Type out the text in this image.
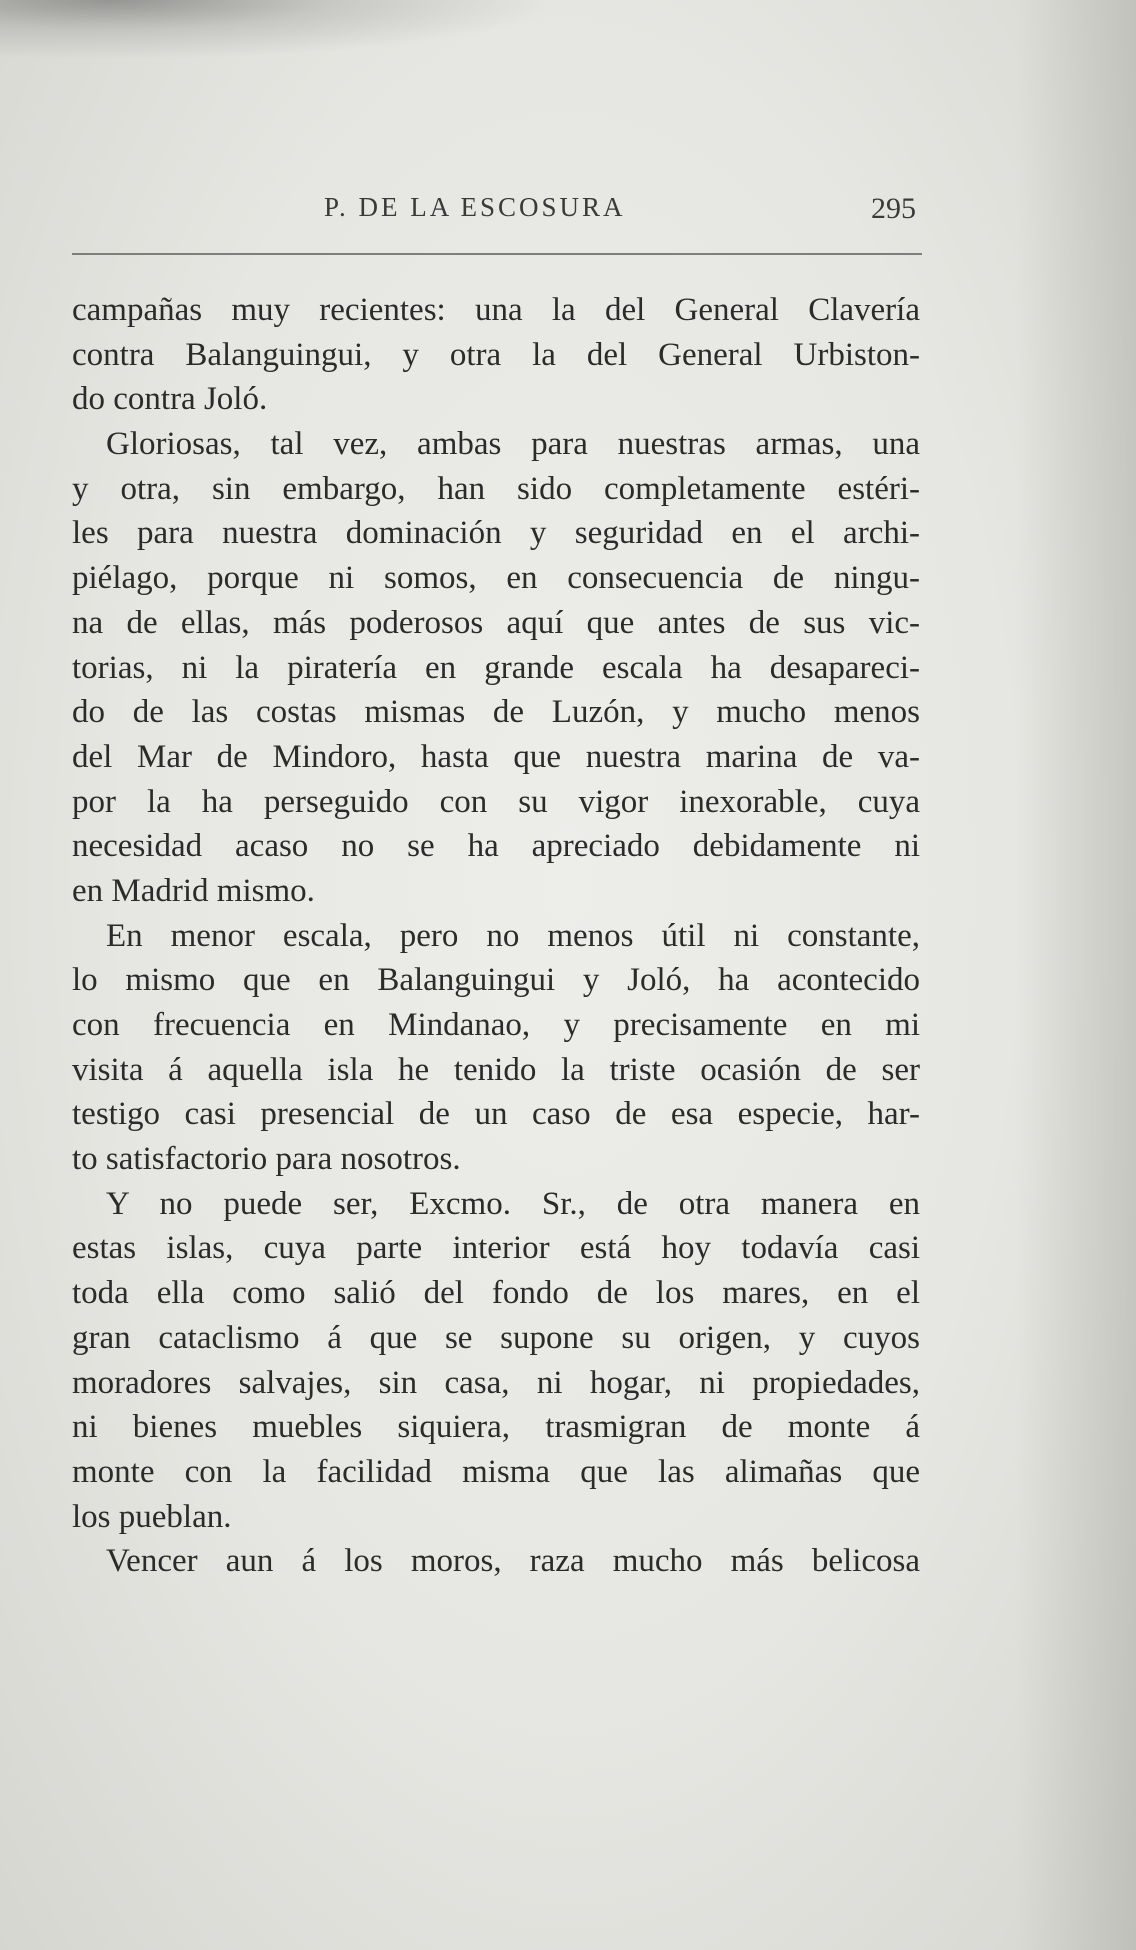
P. DE LA ESCOSURA	295
campañas muy recientes: una la del General Clavería
contra Balanguingui, y otra la del General Urbiston-
do contra Joló.
Gloriosas, tal vez, ambas para nuestras armas, una
y otra, sin embargo, han sido completamente estéri-
les para nuestra dominación y seguridad en el archi-
piélago, porque ni somos, en consecuencia de ningu-
na de ellas, más poderosos aquí que antes de sus vic-
torias, ni la piratería en grande escala ha desapareci-
do de las costas mismas de Luzón, y mucho menos
del Mar de Mindoro, hasta que nuestra marina de va-
por la ha perseguido con su vigor inexorable, cuya
necesidad acaso no se ha apreciado debidamente ni
en Madrid mismo.
En menor escala, pero no menos útil ni constante,
lo mismo que en Balanguingui y Joló, ha acontecido
con frecuencia en Mindanao, y precisamente en mi
visita á aquella isla he tenido la triste ocasión de ser
testigo casi presencial de un caso de esa especie, har-
to satisfactorio para nosotros.
Y no puede ser, Excmo. Sr., de otra manera en
estas islas, cuya parte interior está hoy todavía casi
toda ella como salió del fondo de los mares, en el
gran cataclismo á que se supone su origen, y cuyos
moradores salvajes, sin casa, ni hogar, ni propiedades,
ni bienes muebles siquiera, trasmigran de monte á
monte con la facilidad misma que las alimañas que
los pueblan.
Vencer aun á los moros, raza mucho más belicosa
